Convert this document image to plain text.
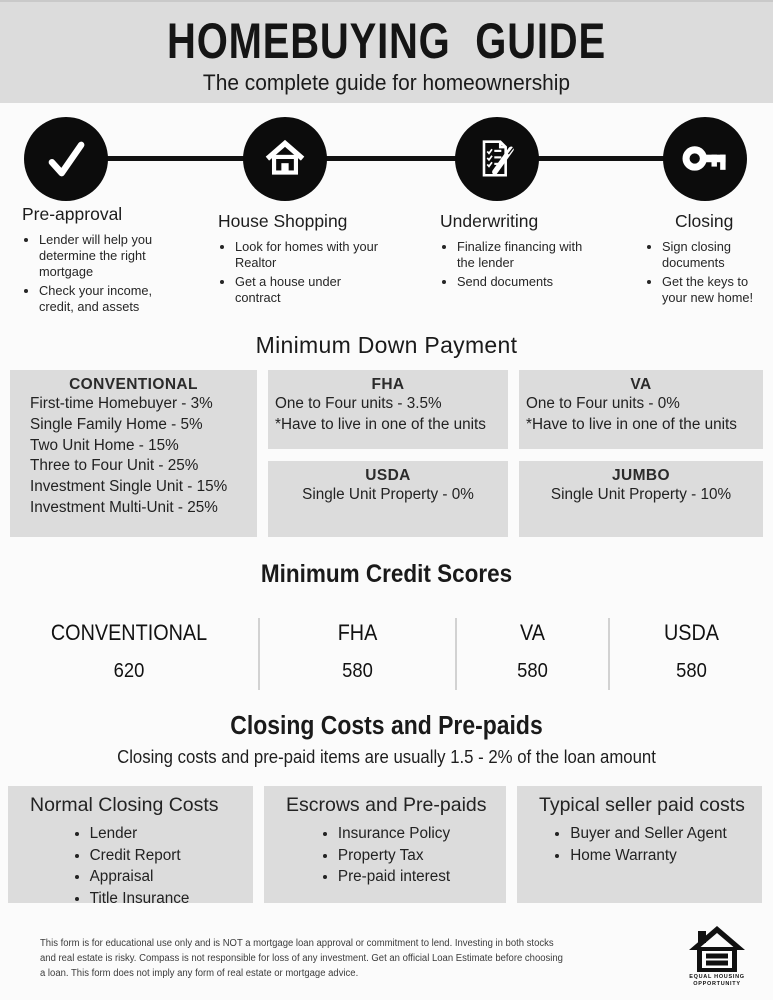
HOMEBUYING GUIDE
The complete guide for homeownership
Pre-approval
• Lender will help you determine the right mortgage
• Check your income, credit, and assets
House Shopping
• Look for homes with your Realtor
• Get a house under contract
Underwriting
• Finalize financing with the lender
• Send documents
Closing
• Sign closing documents
• Get the keys to your new home!
Minimum Down Payment
CONVENTIONAL
First-time Homebuyer - 3%
Single Family Home - 5%
Two Unit Home - 15%
Three to Four Unit - 25%
Investment Single Unit - 15%
Investment Multi-Unit - 25%
FHA
One to Four units - 3.5%
*Have to live in one of the units
VA
One to Four units - 0%
*Have to live in one of the units
USDA
Single Unit Property - 0%
JUMBO
Single Unit Property - 10%
Minimum Credit Scores
CONVENTIONAL
620
FHA
580
VA
580
USDA
580
Closing Costs and Pre-paids
Closing costs and pre-paid items are usually 1.5 - 2% of the loan amount
Normal Closing Costs
• Lender
• Credit Report
• Appraisal
• Title Insurance
Escrows and Pre-paids
• Insurance Policy
• Property Tax
• Pre-paid interest
Typical seller paid costs
• Buyer and Seller Agent
• Home Warranty

This form is for educational use only and is NOT a mortgage loan approval or commitment to lend. Investing in both stocks and real estate is risky. Compass is not responsible for loss of any investment. Get an official Loan Estimate before choosing a loan. This form does not imply any form of real estate or mortgage advice.	EQUAL HOUSING
OPPORTUNITY
